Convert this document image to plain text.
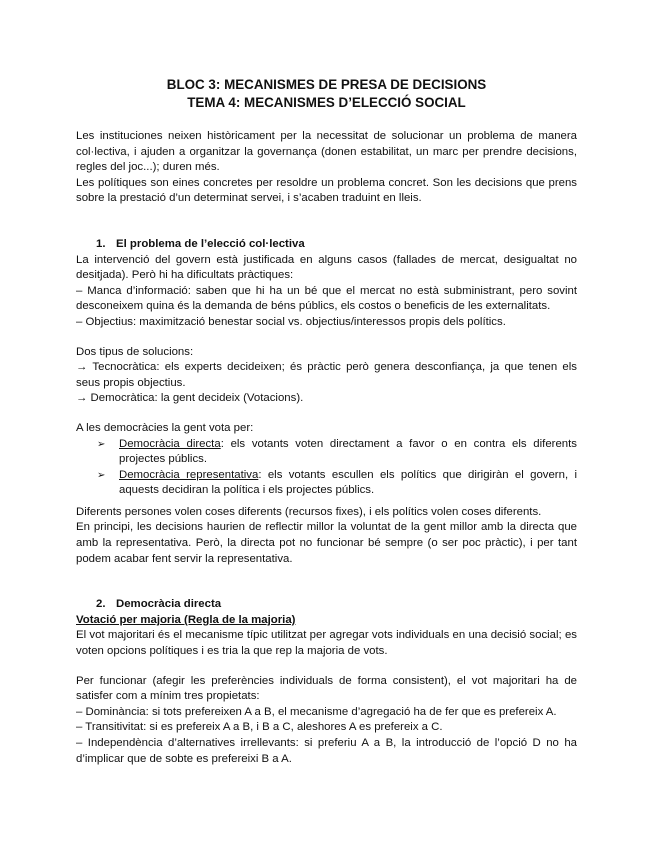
BLOC 3: MECANISMES DE PRESA DE DECISIONS
TEMA 4: MECANISMES D’ELECCIÓ SOCIAL

Les instituciones neixen històricament per la necessitat de solucionar un problema de manera col·lectiva, i ajuden a organitzar la governança (donen estabilitat, un marc per prendre decisions, regles del joc...); duren més.

Les polítiques son eines concretes per resoldre un problema concret. Son les decisions que prens sobre la prestació d’un determinat servei, i s’acaben traduint en lleis.

1. El problema de l’elecció col·lectiva

La intervenció del govern està justificada en alguns casos (fallades de mercat, desigualtat no desitjada). Però hi ha dificultats pràctiques:

– Manca d’informació: saben que hi ha un bé que el mercat no està subministrant, pero sovint desconeixem quina és la demanda de béns públics, els costos o beneficis de les externalitats.

– Objectius: maximització benestar social vs. objectius/interessos propis dels polítics.

Dos tipus de solucions:

→ Tecnocràtica: els experts decideixen; és pràctic però genera desconfiança, ja que tenen els seus propis objectius.

→ Democràtica: la gent decideix (Votacions).

A les democràcies la gent vota per:

➢ Democràcia directa: els votants voten directament a favor o en contra els diferents projectes públics.
➢ Democràcia representativa: els votants escullen els polítics que dirigiràn el govern, i aquests decidiran la política i els projectes públics.

Diferents persones volen coses diferents (recursos fixes), i els polítics volen coses diferents.

En principi, les decisions haurien de reflectir millor la voluntat de la gent millor amb la directa que amb la representativa. Però, la directa pot no funcionar bé sempre (o ser poc pràctic), i per tant podem acabar fent servir la representativa.

2. Democràcia directa

Votació per majoria (Regla de la majoria)

El vot majoritari és el mecanisme típic utilitzat per agregar vots individuals en una decisió social; es voten opcions polítiques i es tria la que rep la majoria de vots.

Per funcionar (afegir les preferències individuals de forma consistent), el vot majoritari ha de satisfer com a mínim tres propietats:

– Dominància: si tots prefereixen A a B, el mecanisme d’agregació ha de fer que es prefereix A.

– Transitivitat: si es prefereix A a B, i B a C, aleshores A es prefereix a C.

– Independència d’alternatives irrellevants: si preferiu A a B, la introducció de l’opció D no ha d’implicar que de sobte es prefereixi B a A.
